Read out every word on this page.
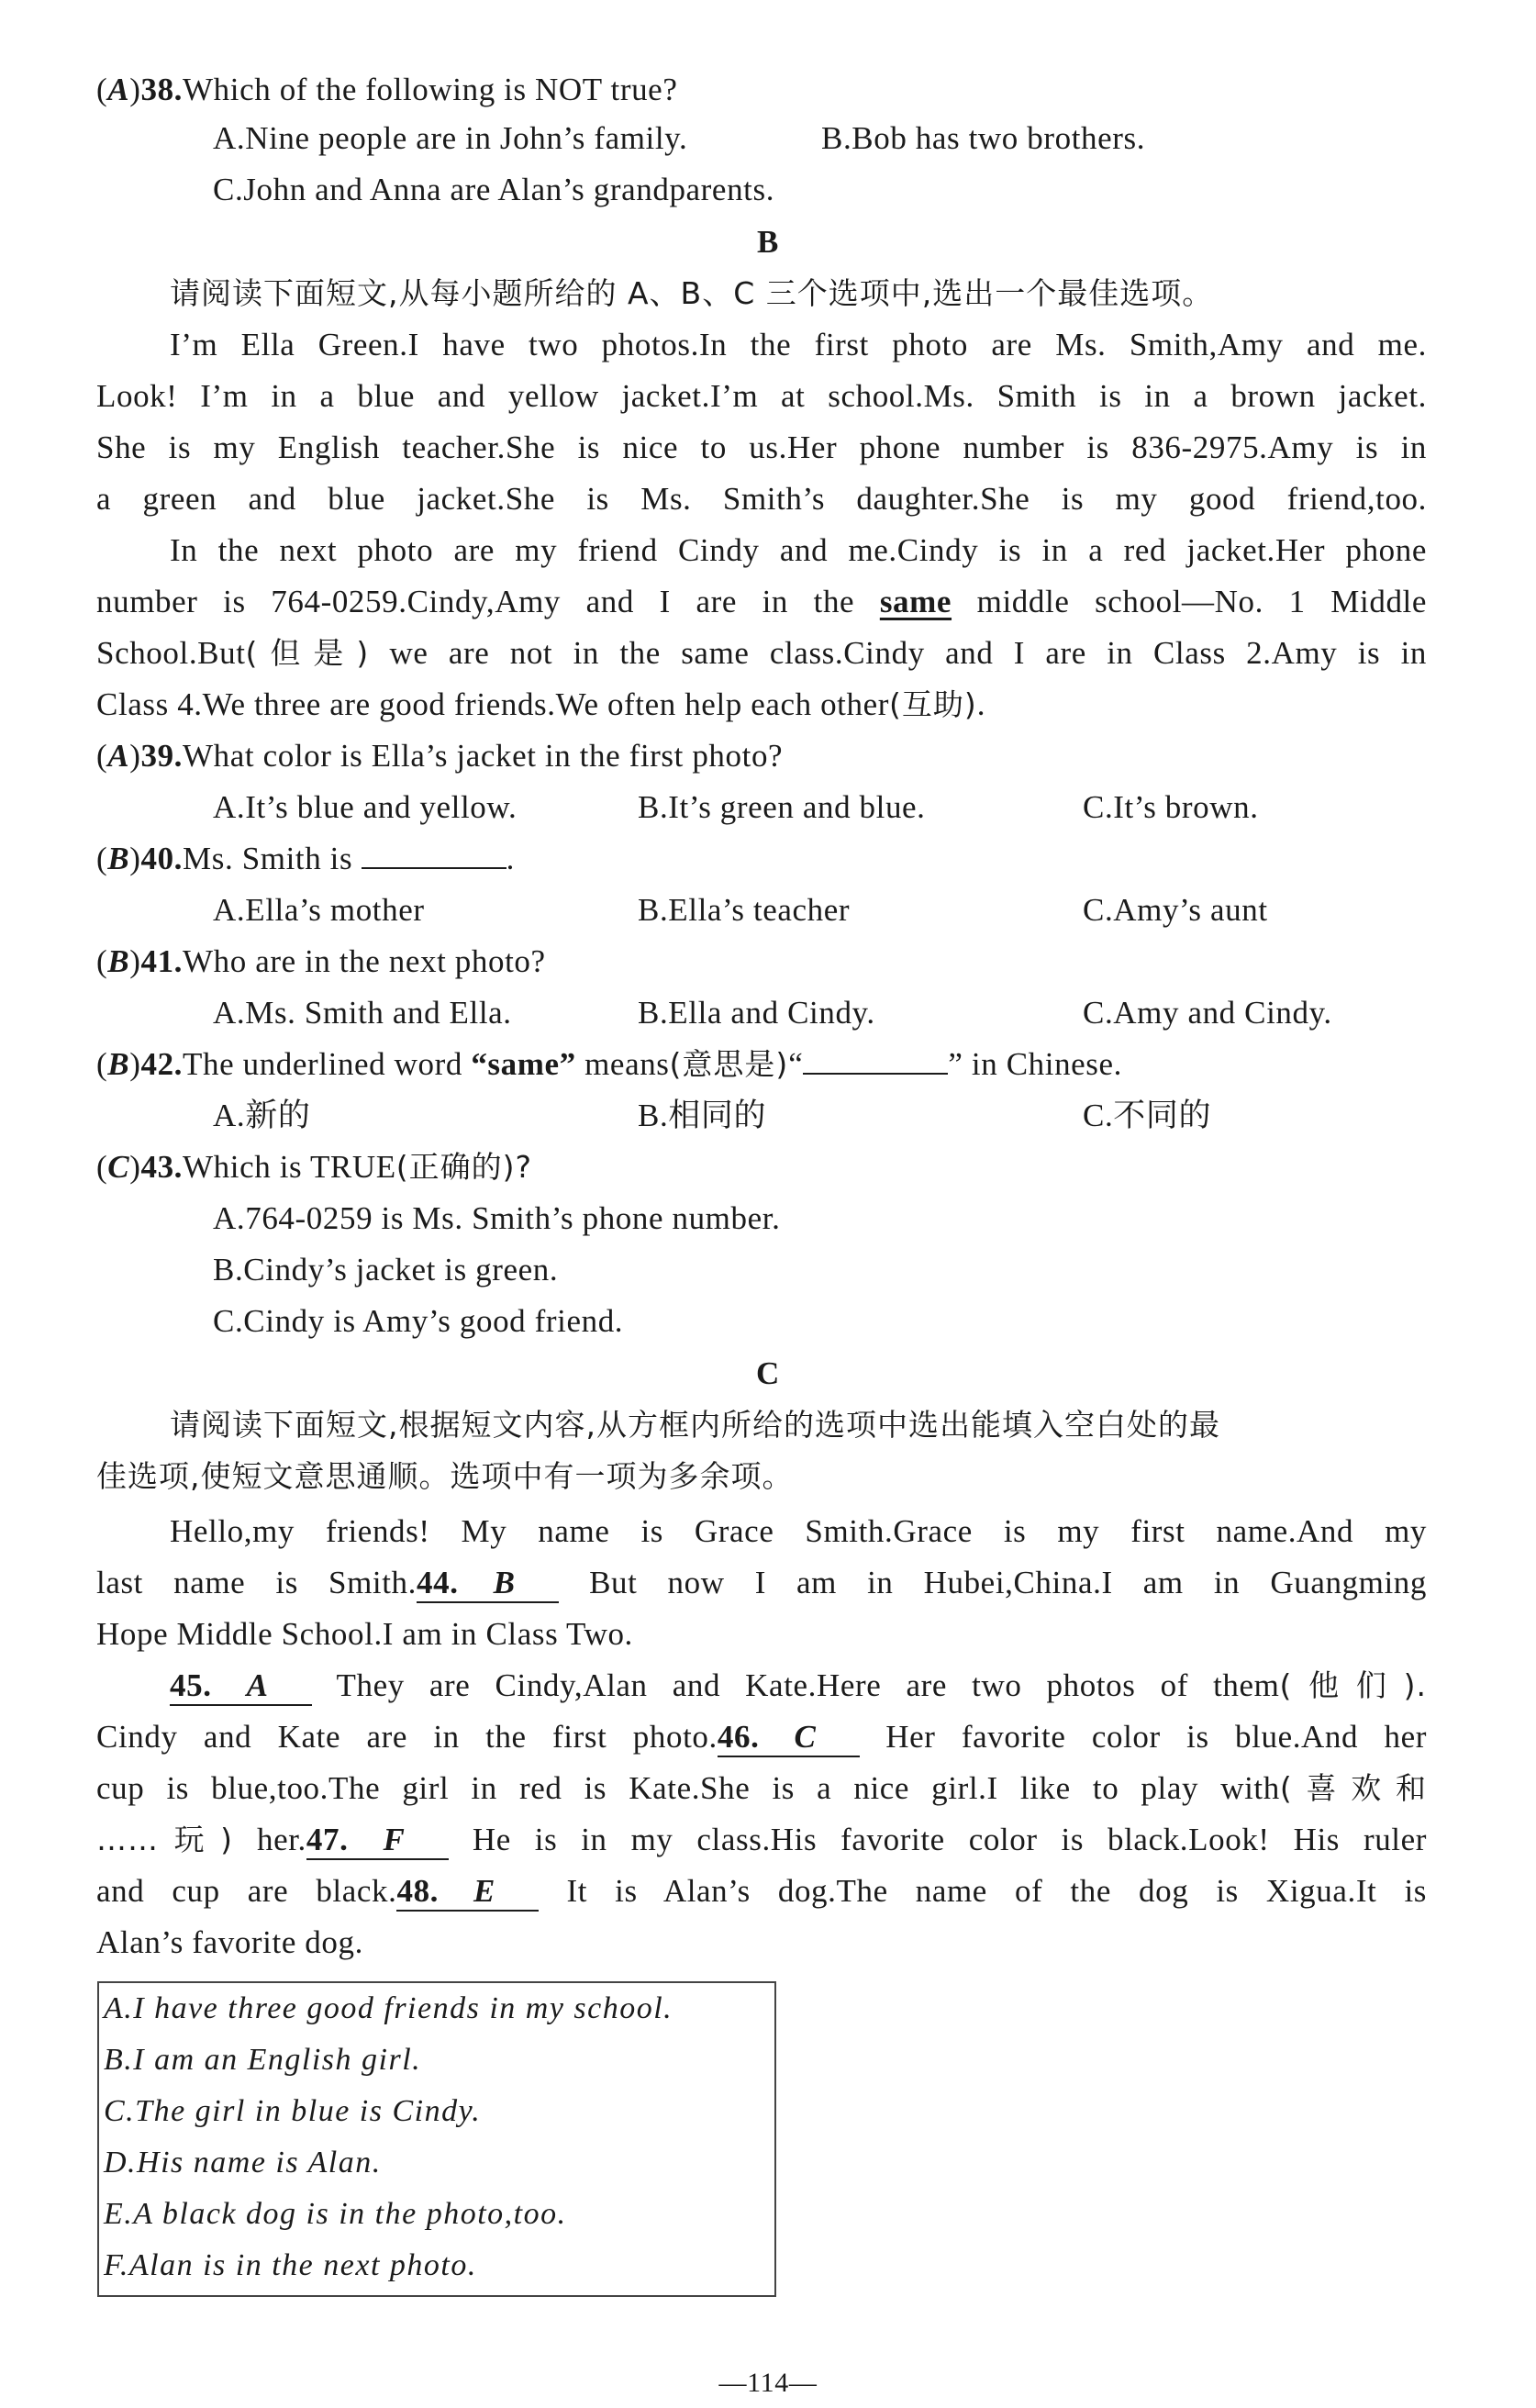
(A)38.Which of the following is NOT true?
A.Nine people are in John’s family.	B.Bob has two brothers.
C.John and Anna are Alan’s grandparents.
B
请阅读下面短文,从每小题所给的 A、B、C 三个选项中,选出一个最佳选项。
I’m Ella Green.I have two photos.In the first photo are Ms. Smith,Amy and me.
Look! I’m in a blue and yellow jacket.I’m at school.Ms. Smith is in a brown jacket.
She is my English teacher.She is nice to us.Her phone number is 836-2975.Amy is in
a green and blue jacket.She is Ms. Smith’s daughter.She is my good friend,too.
In the next photo are my friend Cindy and me.Cindy is in a red jacket.Her phone
number is 764-0259.Cindy,Amy and I are in the same middle school—No. 1 Middle
School.But(但是) we are not in the same class.Cindy and I are in Class 2.Amy is in
Class 4.We three are good friends.We often help each other(互助).
(A)39.What color is Ella’s jacket in the first photo?
A.It’s blue and yellow.	B.It’s green and blue.	C.It’s brown.
(B)40.Ms. Smith is	.
A.Ella’s mother	B.Ella’s teacher	C.Amy’s aunt
(B)41.Who are in the next photo?
A.Ms. Smith and Ella.	B.Ella and Cindy.	C.Amy and Cindy.
(B)42.The underlined word “same” means(意思是)“	” in Chinese.
A.新的	B.相同的	C.不同的
(C)43.Which is TRUE(正确的)?
A.764-0259 is Ms. Smith’s phone number.
B.Cindy’s jacket is green.
C.Cindy is Amy’s good friend.
C
请阅读下面短文,根据短文内容,从方框内所给的选项中选出能填入空白处的最
佳选项,使短文意思通顺。选项中有一项为多余项。
Hello,my friends! My name is Grace Smith.Grace is my first name.And my
last name is Smith.44. B But now I am in Hubei,China.I am in Guangming
Hope Middle School.I am in Class Two.
45. A They are Cindy,Alan and Kate.Here are two photos of them(他们).
Cindy and Kate are in the first photo.46. C Her favorite color is blue.And her
cup is blue,too.The girl in red is Kate.She is a nice girl.I like to play with(喜欢和
……玩) her.47. F He is in my class.His favorite color is black.Look! His ruler
and cup are black.48. E It is Alan’s dog.The name of the dog is Xigua.It is
Alan’s favorite dog.
A.I have three good friends in my school.
B.I am an English girl.
C.The girl in blue is Cindy.
D.His name is Alan.
E.A black dog is in the photo,too.
F.Alan is in the next photo.
—114—
